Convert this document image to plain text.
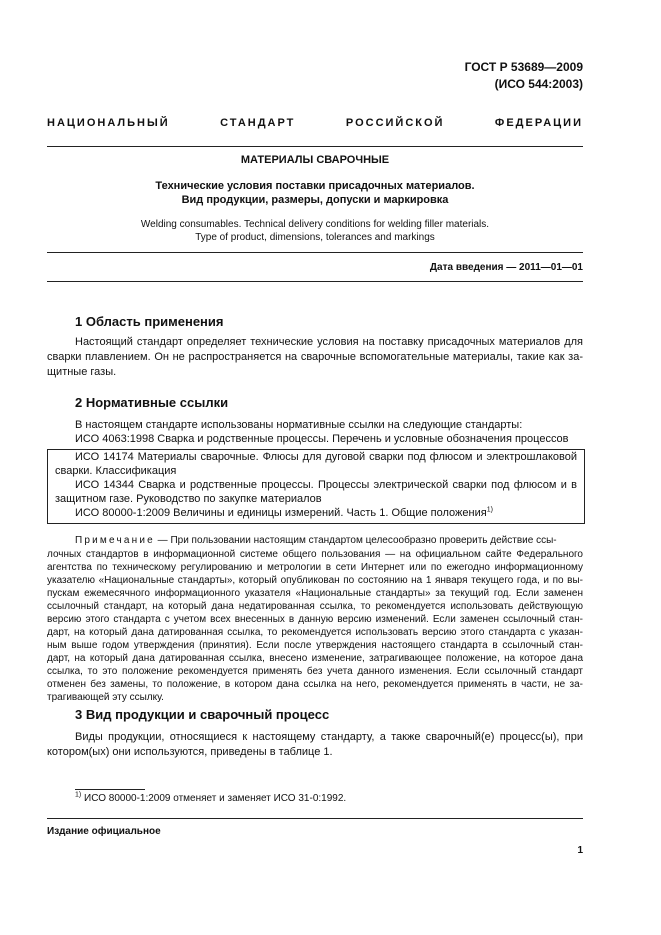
ГОСТ Р 53689—2009
(ИСО 544:2003)
НАЦИОНАЛЬНЫЙ СТАНДАРТ РОССИЙСКОЙ ФЕДЕРАЦИИ
МАТЕРИАЛЫ СВАРОЧНЫЕ
Технические условия поставки присадочных материалов.
Вид продукции, размеры, допуски и маркировка
Welding consumables. Technical delivery conditions for welding filler materials.
Type of product, dimensions, tolerances and markings
Дата введения — 2011—01—01
1 Область применения
Настоящий стандарт определяет технические условия на поставку присадочных материалов для
сварки плавлением. Он не распространяется на сварочные вспомогательные материалы, такие как за-
щитные газы.
2 Нормативные ссылки
В настоящем стандарте использованы нормативные ссылки на следующие стандарты:
ИСО 4063:1998 Сварка и родственные процессы. Перечень и условные обозначения процессов
ИСО 14174 Материалы сварочные. Флюсы для дуговой сварки под флюсом и электрошлаковой
сварки. Классификация
ИСО 14344 Сварка и родственные процессы. Процессы электрической сварки под флюсом и в
защитном газе. Руководство по закупке материалов
ИСО 80000-1:2009 Величины и единицы измерений. Часть 1. Общие положения$^{1)}$
Примечание — При пользовании настоящим стандартом целесообразно проверить действие ссы-
лочных стандартов в информационной системе общего пользования — на официальном сайте Федерального
агентства по техническому регулированию и метрологии в сети Интернет или по ежегодно информационному
указателю «Национальные стандарты», который опубликован по состоянию на 1 января текущего года, и по вы-
пускам ежемесячного информационного указателя «Национальные стандарты» за текущий год. Если заменен
ссылочный стандарт, на который дана недатированная ссылка, то рекомендуется использовать действующую
версию этого стандарта с учетом всех внесенных в данную версию изменений. Если заменен ссылочный стан-
дарт, на который дана датированная ссылка, то рекомендуется использовать версию этого стандарта с указан-
ным выше годом утверждения (принятия). Если после утверждения настоящего стандарта в ссылочный стан-
дарт, на который дана датированная ссылка, внесено изменение, затрагивающее положение, на которое дана
ссылка, то это положение рекомендуется применять без учета данного изменения. Если ссылочный стандарт
отменен без замены, то положение, в котором дана ссылка на него, рекомендуется применять в части, не за-
трагивающей эту ссылку.
3 Вид продукции и сварочный процесс
Виды продукции, относящиеся к настоящему стандарту, а также сварочный(е) процесс(ы), при
котором(ых) они используются, приведены в таблице 1.
$^{1)}$ ИСО 80000-1:2009 отменяет и заменяет ИСО 31-0:1992.
Издание официальное
1
